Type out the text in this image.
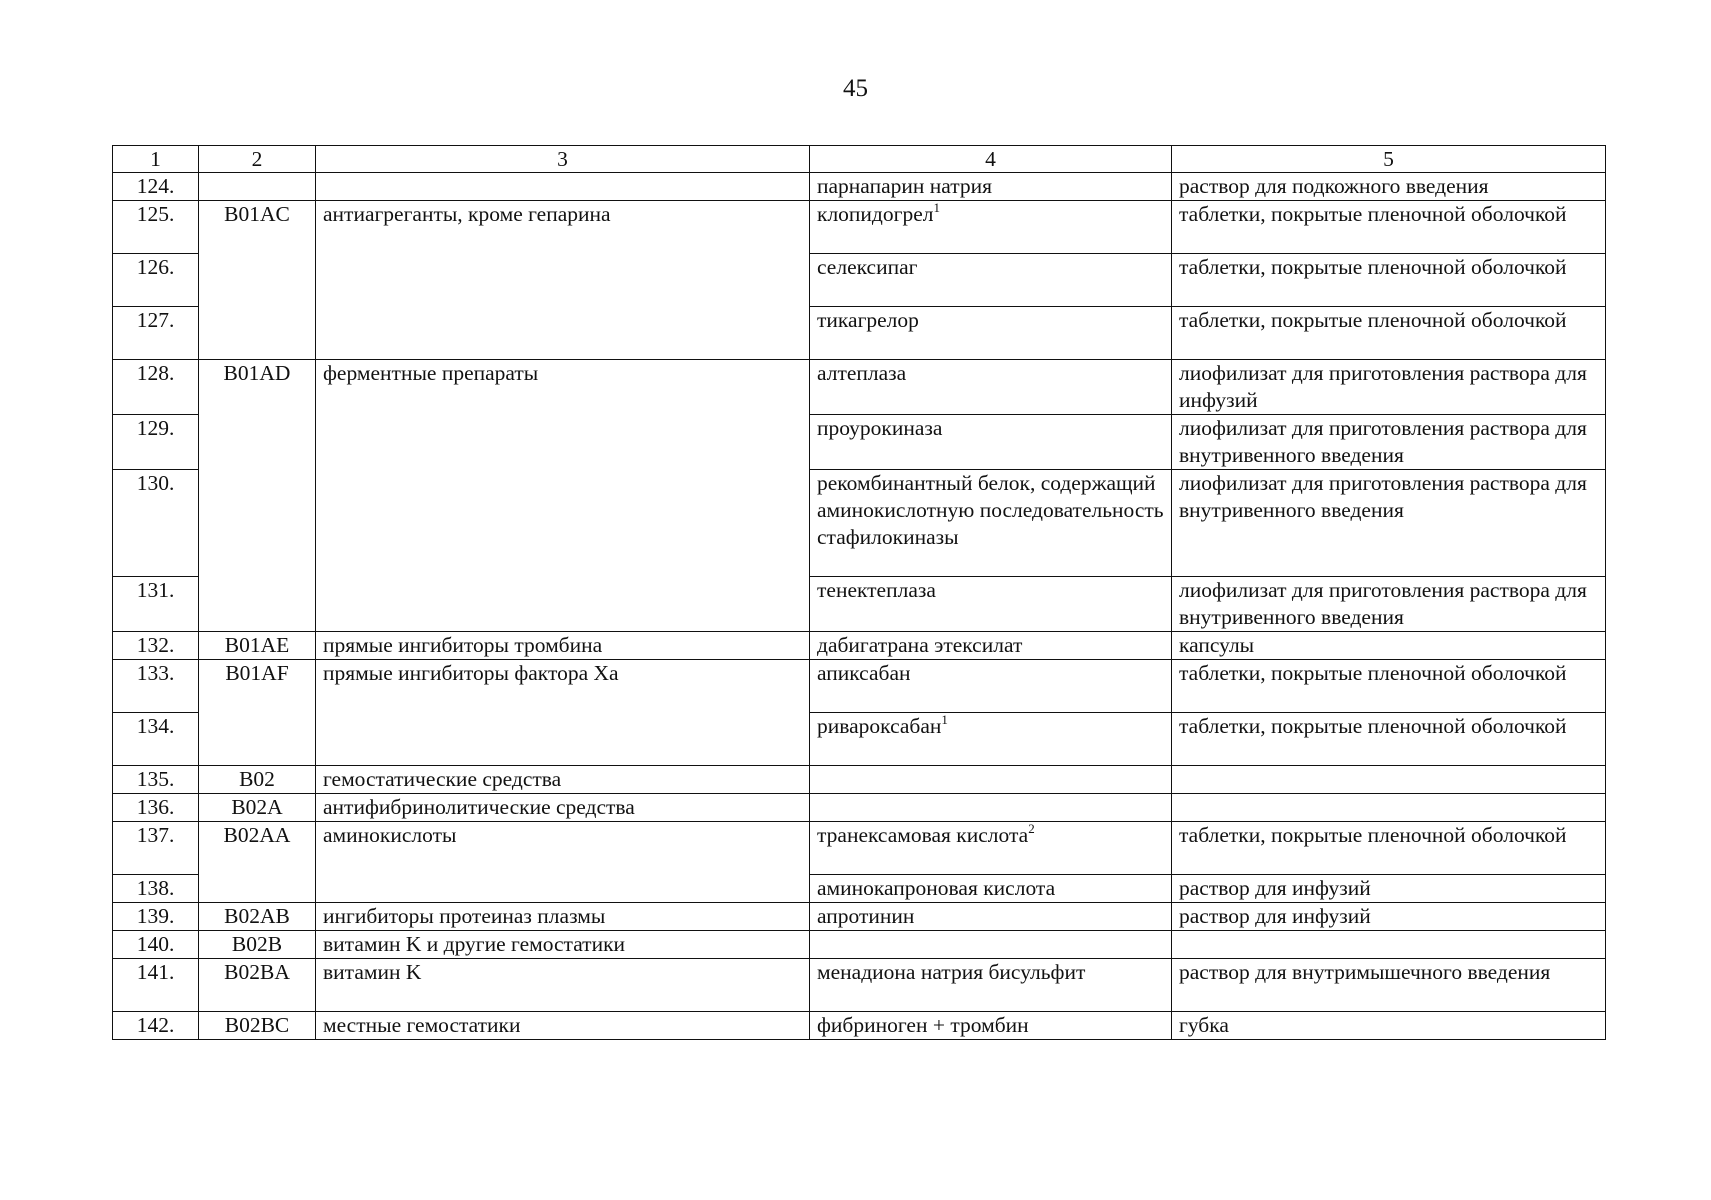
45
1	2	3	4	5
124.			парнапарин натрия	раствор для подкожного введения
125.	B01AC	антиагреганты, кроме гепарина	клопидогрел$^1$	таблетки, покрытые пленочной оболочкой
126.			селексипаг	таблетки, покрытые пленочной оболочкой
127.			тикагрелор	таблетки, покрытые пленочной оболочкой
128.	B01AD	ферментные препараты	алтеплаза	лиофилизат для приготовления раствора для инфузий
129.			проурокиназа	лиофилизат для приготовления раствора для внутривенного введения
130.			рекомбинантный белок, содержащий аминокислотную последовательность стафилокиназы	лиофилизат для приготовления раствора для внутривенного введения
131.			тенектеплаза	лиофилизат для приготовления раствора для внутривенного введения
132.	B01AE	прямые ингибиторы тромбина	дабигатрана этексилат	капсулы
133.	B01AF	прямые ингибиторы фактора Xa	апиксабан	таблетки, покрытые пленочной оболочкой
134.			ривароксабан$^1$	таблетки, покрытые пленочной оболочкой
135.	B02	гемостатические средства		
136.	B02A	антифибринолитические средства		
137.	B02AA	аминокислоты	транексамовая кислота$^2$	таблетки, покрытые пленочной оболочкой
138.			аминокапроновая кислота	раствор для инфузий
139.	B02AB	ингибиторы протеиназ плазмы	апротинин	раствор для инфузий
140.	B02B	витамин K и другие гемостатики		
141.	B02BA	витамин K	менадиона натрия бисульфит	раствор для внутримышечного введения
142.	B02BC	местные гемостатики	фибриноген + тромбин	губка
